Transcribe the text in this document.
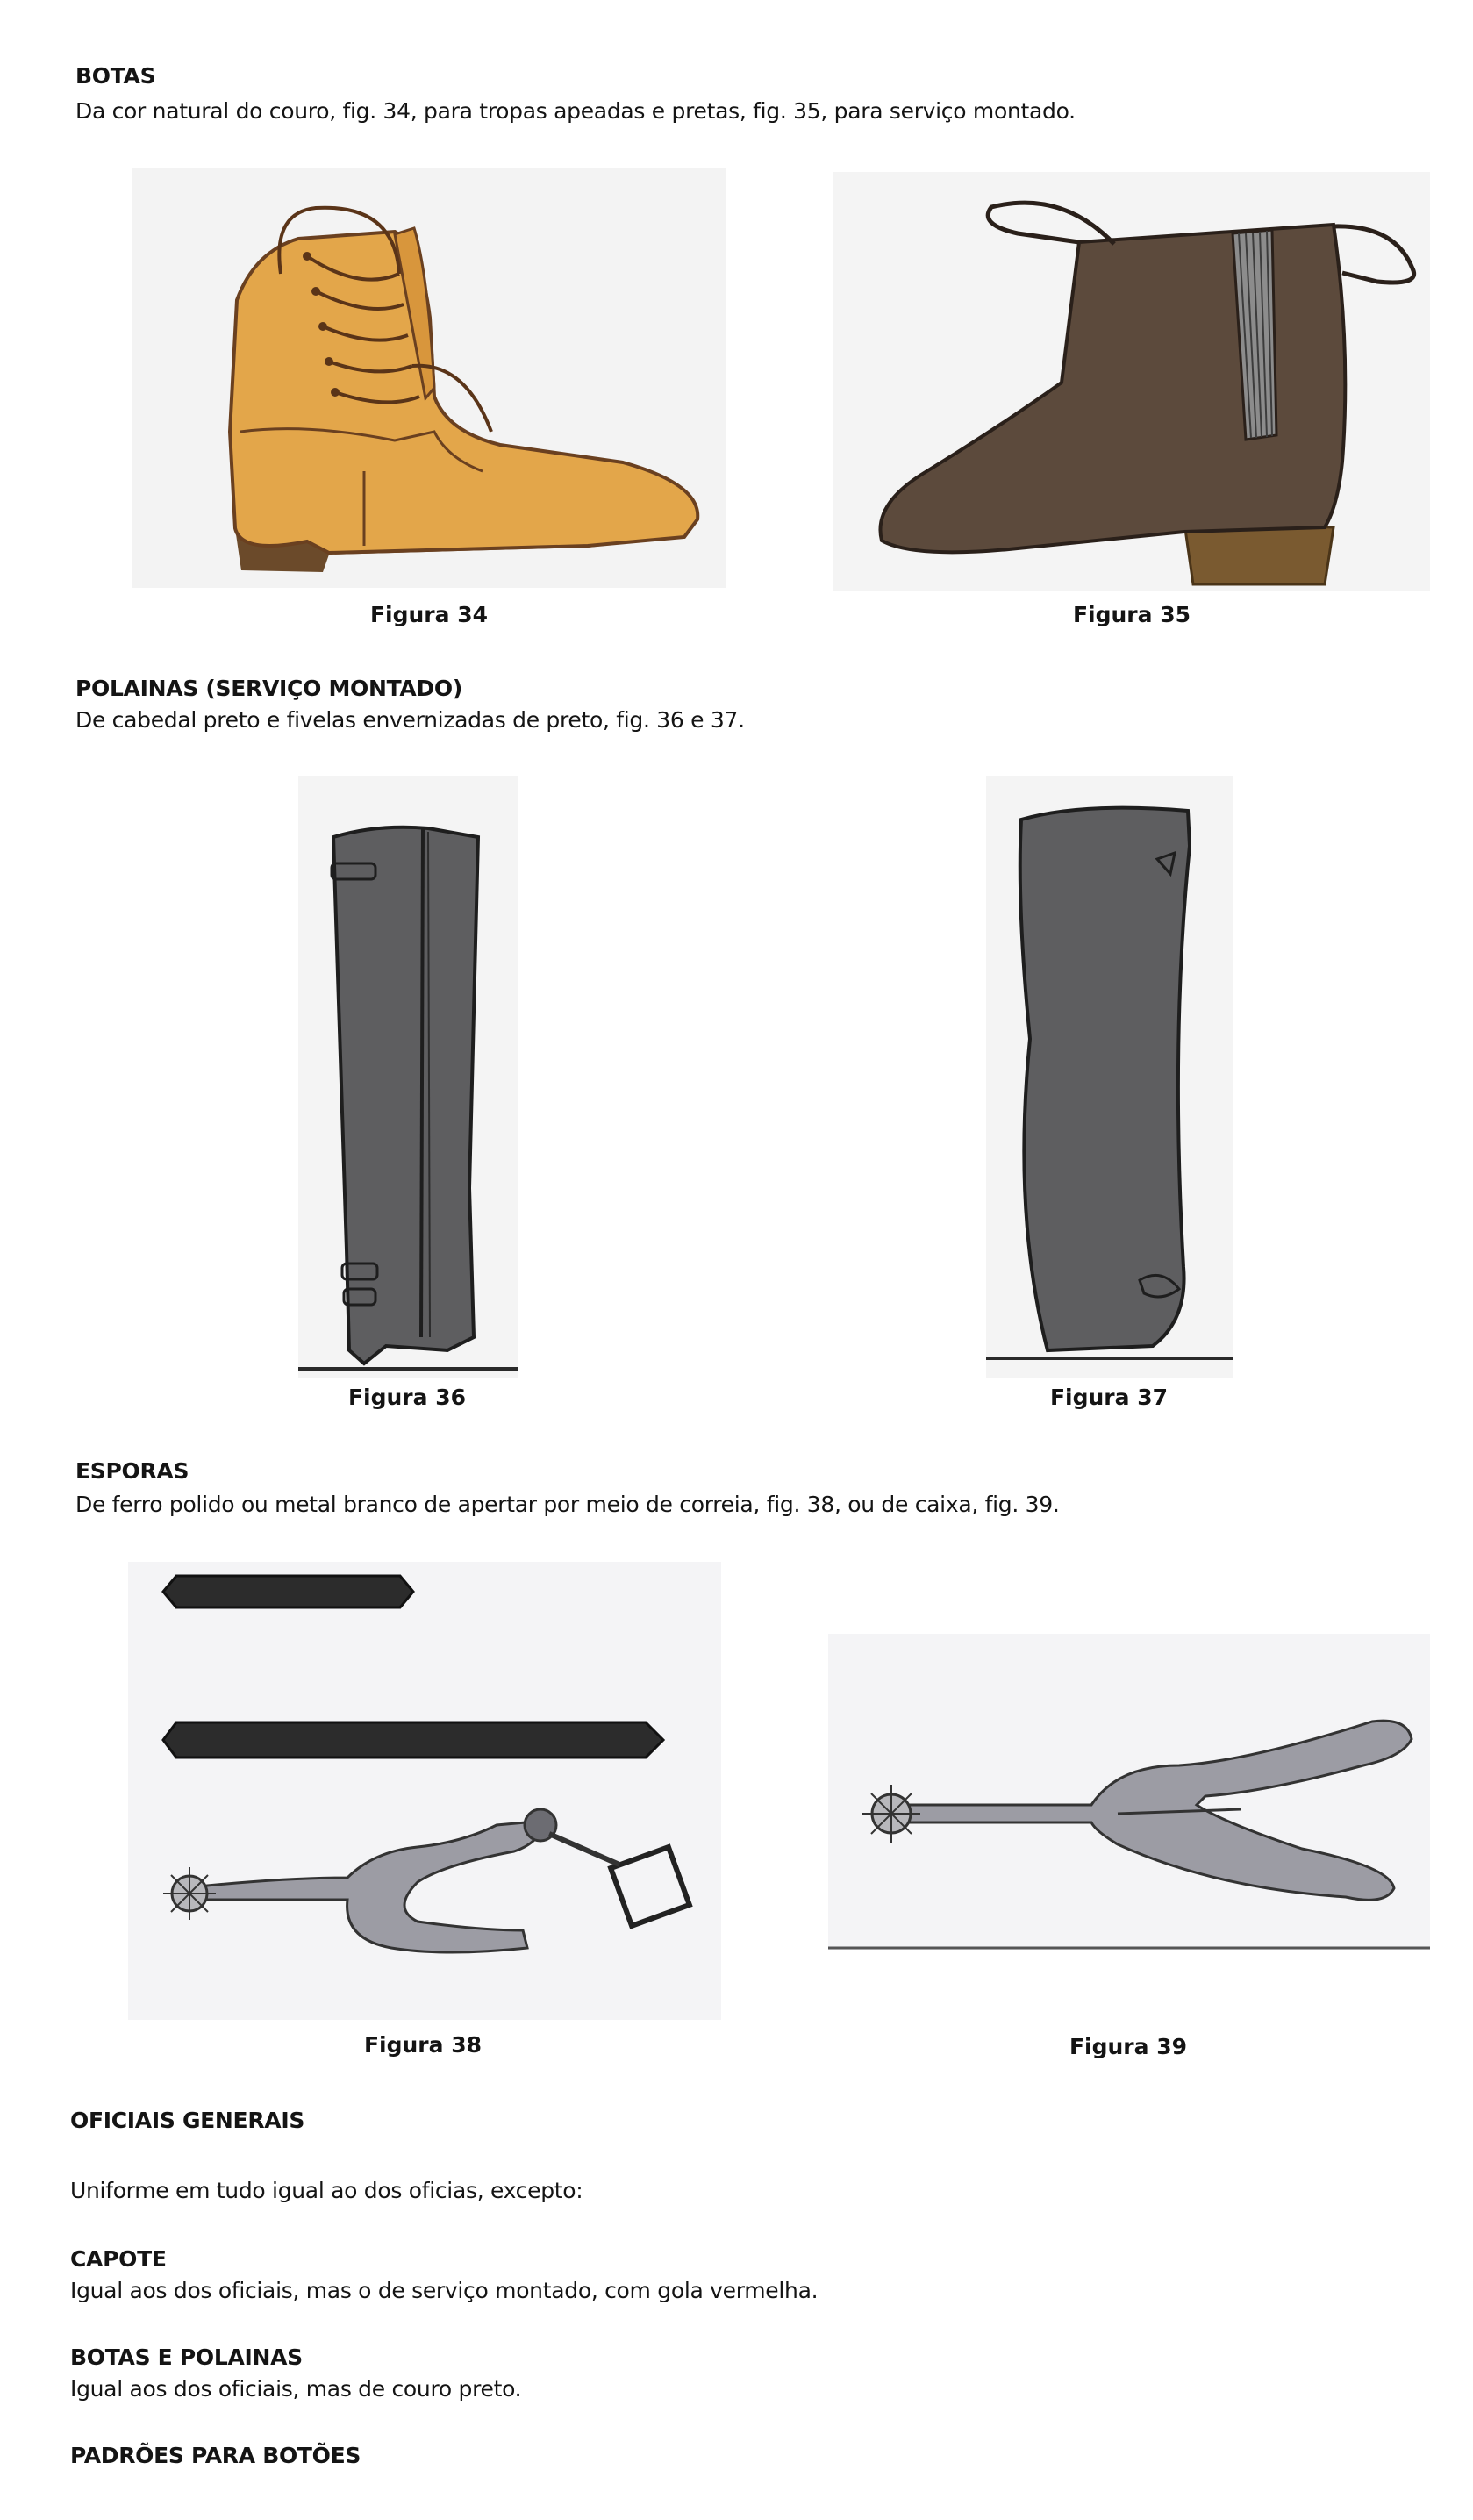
BOTAS
Da cor natural do couro, fig. 34, para tropas apeadas e pretas, fig. 35, para serviço montado.
Figura 34	Figura 35
POLAINAS (SERVIÇO MONTADO)
De cabedal preto e fivelas envernizadas de preto, fig. 36 e 37.
Figura 36	Figura 37
ESPORAS
De ferro polido ou metal branco de apertar por meio de correia, fig. 38, ou de caixa, fig. 39.
Figura 38	Figura 39
OFICIAIS GENERAIS
Uniforme em tudo igual ao dos oficias, excepto:
CAPOTE
Igual aos dos oficiais, mas o de serviço montado, com gola vermelha.
BOTAS E POLAINAS
Igual aos dos oficiais, mas de couro preto.
PADRÕES PARA BOTÕES
